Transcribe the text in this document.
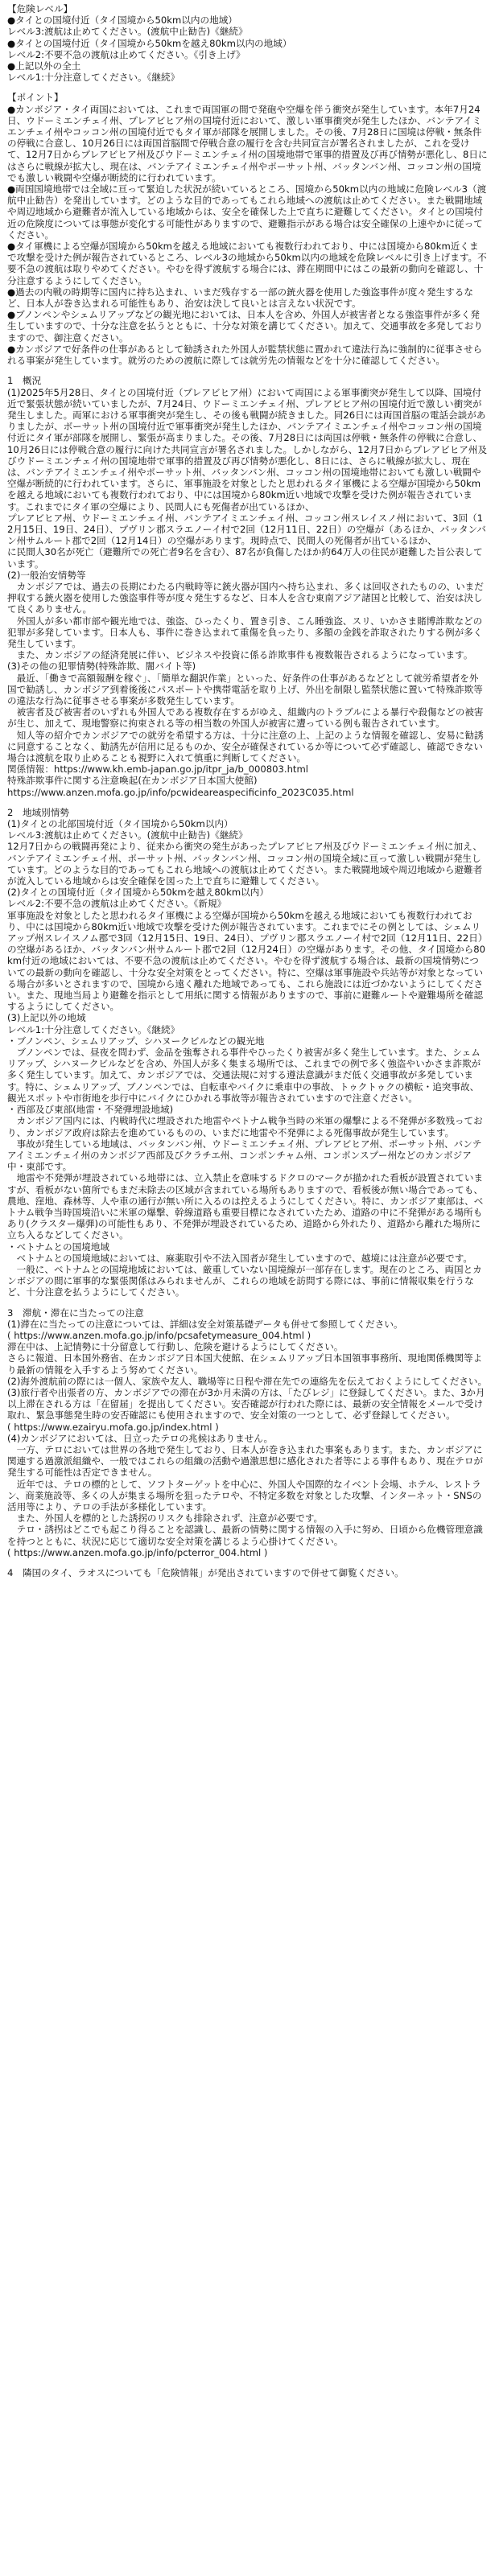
【危険レベル】

●タイとの国境付近（タイ国境から50km以内の地域）

レベル3:渡航は止めてください。(渡航中止勧告)《継続》

●タイとの国境付近（タイ国境から50kmを越え80km以内の地域）

レベル2:不要不急の渡航は止めてください。《引き上げ》

●上記以外の全土

レベル1:十分注意してください。《継続》

【ポイント】

●カンボジア・タイ両国においては、これまで両国軍の間で発砲や空爆を伴う衝突が発生しています。本年7月24日、ウドーミエンチェイ州、プレアビヒア州の国境付近において、激しい軍事衝突が発生したほか、バンテアイミエンチェイ州やコッコン州の国境付近でもタイ軍が部隊を展開しました。その後、7月28日に国境は停戦・無条件の停戦に合意し、10月26日には両国首脳間で停戦合意の履行を含む共同宣言が署名されましたが、これを受けて、12月7日からプレアビヒア州及びウドーミエンチェイ州の国境地帯で軍事的措置及び再び情勢が悪化し、8日にはさらに戦線が拡大し、現在は、バンテアイミエンチェイ州やポーサット州、バッタンバン州、コッコン州の国境でも激しい戦闘や空爆が断続的に行われています。

●両国国境地帯では全域に亘って緊迫した状況が続いているところ、国境から50km以内の地域に危険レベル3（渡航中止勧告）を発出しています。どのような目的であってもこれら地域への渡航は止めてください。また戦闘地域や周辺地域から避難者が流入している地域からは、安全を確保した上で直ちに避難してください。タイとの国境付近の危険度については事態が変化する可能性がありますので、避難指示がある場合は安全確保の上速やかに従ってください。

●タイ軍機による空爆が国境から50kmを越える地域においても複数行われており、中には国境から80km近くまで攻撃を受けた例が報告されているところ、レベル3の地域から50km以内の地域を危険レベルに引き上げます。不要不急の渡航は取りやめてください。やむを得ず渡航する場合には、滞在期間中にはこの最新の動向を確認し、十分注意するようにしてください。

●過去の内戦の時期等に国内に持ち込まれ、いまだ残存する一部の銃火器を使用した強盗事件が度々発生するなど、日本人が巻き込まれる可能性もあり、治安は決して良いとは言えない状況です。

●ブノンペンやシェムリアップなどの観光地においては、日本人を含め、外国人が被害者となる強盗事件が多く発生していますので、十分な注意を払うとともに、十分な対策を講じてください。加えて、交通事故を多発しておりますので、御注意ください。

●カンボジアで好条件の仕事があるとして勧誘された外国人が監禁状態に置かれて違法行為に強制的に従事させられる事案が発生しています。就労のための渡航に際しては就労先の情報などを十分に確認してください。

1　概況

(1)2025年5月28日、タイとの国境付近（プレアビヒア州）において両国による軍事衝突が発生して以降、国境付近で緊張状態が続いていましたが、7月24日、ウドーミエンチェイ州、プレアビヒア州の国境付近で激しい衝突が発生しました。両軍における軍事衝突が発生し、その後も戦闘が続きました。同26日には両国首脳の電話会談がありましたが、ボーサット州の国境付近で軍事衝突が発生したほか、バンテアイミエンチェイ州やコッコン州の国境付近にタイ軍が部隊を展開し、緊張が高まりました。その後、7月28日には両国は停戦・無条件の停戦に合意し、10月26日には停戦合意の履行に向けた共同宣言が署名されました。しかしながら、12月7日からプレアビヒア州及びウドーミエンチェイ州の国境地帯で軍事的措置及び再び情勢が悪化し、8日には、さらに戦線が拡大し、現在は、バンテアイミエンチェイ州やポーサット州、バッタンバン州、コッコン州の国境地帯においても激しい戦闘や空爆が断続的に行われています。さらに、軍事施設を対象としたと思われるタイ軍機による空爆が国境から50kmを越える地域においても複数行われており、中には国境から80km近い地域で攻撃を受けた例が報告されています。これまでにタイ軍の空爆により、民間人にも死傷者が出ているほか、

プレアビヒア州、ウドーミエンチェイ州、バンテアイミエンチェイ州、コッコン州スレイスノ州において、3回（12月15日、19日、24日）、プヴリン郡スラエノーイ村で2回（12月11日、22日）の空爆が（あるほか、バッタンバン州サムルート郡で2回（12月14日）の空爆があります。現時点で、民間人の死傷者が出ているほか、

に民間人30名が死亡（避難所での死亡者9名を含む）、87名が負傷したほか約64万人の住民が避難した旨公表しています。

(2)一般治安情勢等

　カンボジアでは、過去の長期にわたる内戦時等に銃火器が国内へ持ち込まれ、多くは回収されたものの、いまだ押収する銃火器を使用した強盗事件等が度々発生するなど、日本人を含む東南アジア諸国と比較して、治安は決して良くありません。

　外国人が多い都市部や観光地では、強盗、ひったくり、置き引き、こん睡強盗、スリ、いかさま賭博詐欺などの犯罪が多発しています。日本人も、事件に巻き込まれて重傷を負ったり、多額の金銭を詐取されたりする例が多く発生しています。

　また、カンボジアの経済発展に伴い、ビジネスや投資に係る詐欺事件も複数報告されるようになっています。

(3)その他の犯罪情勢(特殊詐欺、闇バイト等)

　最近、「働きで高額報酬を稼ぐ」、「簡単な翻訳作業」といった、好条件の仕事があるなどとして就労希望者を外国で勧誘し、カンボジア到着後後にパスポートや携帯電話を取り上げ、外出を制限し監禁状態に置いて特殊詐欺等の違法な行為に従事させる事案が多数発生しています。

　被害者及び被害者のいずれも外国人である複数存在するがゆえ、組織内のトラブルによる暴行や殺傷などの被害が生じ、加えて、現地警察に拘束される等の相当数の外国人が被害に遭っている例も報告されています。

　知人等の紹介でカンボジアでの就労を希望する方は、十分に注意の上、上記のような情報を確認し、安易に勧誘に同意することなく、勧誘先が信用に足るものか、安全が確保されているか等について必ず確認し、確認できない場合は渡航を取り止めることも視野に入れて慎重に判断してください。

関係情報：https://www.kh.emb-japan.go.jp/itpr_ja/b_000803.html

特殊詐欺事件に関する注意喚起(在カンボジア日本国大使館)

https://www.anzen.mofa.go.jp/info/pcwideareaspecificinfo_2023C035.html

2　地域別情勢

(1)タイとの北部国境付近（タイ国境から50km以内）

レベル3:渡航は止めてください。(渡航中止勧告)《継続》

12月7日からの戦闘再発により、従来から衝突の発生があったプレアビヒア州及びウドーミエンチェイ州に加え、バンテアイミエンチェイ州、ポーサット州、バッタンバン州、コッコン州の国境全域に亘って激しい戦闘が発生しています。どのような目的であってもこれら地域への渡航は止めてください。また戦闘地域や周辺地域から避難者が流入している地域からは安全確保を図った上で直ちに避難してください。

(2)タイとの国境付近（タイ国境から50kmを越え80km以内）

レベル2:不要不急の渡航は止めてください。《新規》

軍事施設を対象としたと思われるタイ軍機による空爆が国境から50kmを越える地域においても複数行われており、中には国境から80km近い地域で攻撃を受けた例が報告されています。これまでにその例としては、シェムリアップ州スレイスノム郡で3回（12月15日、19日、24日）、プヴリン郡スラエノーイ村で2回（12月11日、22日）の空爆があるほか、バッタンバン州サムルート郡で2回（12月24日）の空爆があります。その他、タイ国境から80km付近の地域においては、不要不急の渡航は止めてください。やむを得ず渡航する場合は、最新の国境情勢についての最新の動向を確認し、十分な安全対策をとってください。特に、空爆は軍事施設や兵站等が対象となっている場合が多いとされますので、国境から遠く離れた地域であっても、これら施設には近づかないようにしてください。また、現地当局より避難を指示として用紙に関する情報がありますので、事前に避難ルートや避難場所を確認するようにしてください。

(3)上記以外の地域

レベル1:十分注意してください。《継続》

・ブノンペン、シェムリアップ、シハヌークビルなどの観光地

　ブノンペンでは、昼夜を問わず、金品を強奪される事件やひったくり被害が多く発生しています。また、シェムリアップ、シハヌークビルなどを含め、外国人が多く集まる場所では、これまでの例で多く強盗やいかさま詐欺が多く発生しています。加えて、カンボジアでは、交通法規に対する遵法意識がまだ低く交通事故が多発しています。特に、シェムリアップ、ブノンペンでは、自転車やバイクに乗車中の事故、トゥクトゥクの横転・追突事故、観光スポットや市街地を歩行中にバイクにひかれる事故等が報告されていますので注意ください。

・西部及び東部(地雷・不発弾埋設地域)

　カンボジア国内には、内戦時代に埋設された地雷やベトナム戦争当時の米軍の爆撃による不発弾が多数残っており、カンボジア政府は除去を進めているものの、いまだに地雷や不発弾による死傷事故が発生しています。

　事故が発生している地域は、バッタンバン州、ウドーミエンチェイ州、プレアビヒア州、ポーサット州、バンテアイミエンチェイ州のカンボジア西部及びクラチエ州、コンポンチャム州、コンポンスプー州などのカンボジア中・東部です。

　地雷や不発弾が埋設されている地帯には、立入禁止を意味するドクロのマークが描かれた看板が設置されていますが、看板がない箇所でもまだ未除去の区域が含まれている場所もありますので、看板後が無い場合であっても、農地、窪地、森林等、人や車の通行が無い所に入るのは控えるようにしてください。特に、カンボジア東部は、ベトナム戦争当時国境沿いに米軍の爆撃、幹線道路も重要目標になされていたため、道路の中に不発弾がある場所もあり(クラスター爆弾)の可能性もあり、不発弾が埋設されているため、道路から外れたり、道路から離れた場所に立ち入るなどしてください。

・ベトナムとの国境地域

　ベトナムとの国境地域においては、麻薬取引や不法入国者が発生していますので、越境には注意が必要です。

　一般に、ベトナムとの国境地域においては、厳重していない国境線が一部存在します。現在のところ、両国とカンボジアの間に軍事的な緊張関係はみられませんが、これらの地域を訪問する際には、事前に情報収集を行うなど、十分注意を払うようにしてください。

3　滞航・滞在に当たっての注意

(1)滞在に当たっての注意については、詳細は安全対策基礎データも併せて参照してください。

( https://www.anzen.mofa.go.jp/info/pcsafetymeasure_004.html )

滞在中は、上記情勢に十分留意して行動し、危険を避けるようにしてください。

さらに報道、日本国外務省、在カンボジア日本国大使館、在シェムリアップ日本国領事事務所、現地関係機関等より最新の情報を入手するよう努めてください。

(2)海外渡航前の際には一個人、家族や友人、職場等に日程や滞在先での連絡先を伝えておくようにしてください。

(3)旅行者や出張者の方、カンボジアでの滞在が3か月未満の方は、「たびレジ」に登録してください。また、3か月以上滞在される方は「在留届」を提出してください。安否確認が行われた際には、最新の安全情報をメールで受け取れ、緊急事態発生時の安否確認にも使用されますので、安全対策の一つとして、必ず登録してください。

( https://www.ezairyu.mofa.go.jp/index.html )

(4)カンボジアにおいては、日立ったテロの兆候はありません。

　一方、テロにおいては世界の各地で発生しており、日本人が巻き込まれた事案もあります。また、カンボジアに関連する過激派組織や、一般ではこれらの組織の活動や過激思想に感化された者等による事件もあり、現在テロが発生する可能性は否定できません。

　近年では、テロの標的として、ソフトターゲットを中心に、外国人や国際的なイベント会場、ホテル、レストラン、商業施設等、多くの人が集まる場所を狙ったテロや、不特定多数を対象とした攻撃、インターネット・SNSの活用等により、テロの手法が多様化しています。

　また、外国人を標的とした誘拐のリスクも排除されず、注意が必要です。

　テロ・誘拐はどこでも起こり得ることを認識し、最新の情勢に関する情報の入手に努め、日頃から危機管理意識を持つとともに、状況に応じて適切な安全対策を講じるよう心掛けてください。

( https://www.anzen.mofa.go.jp/info/pcterror_004.html )

4　隣国のタイ、ラオスについても「危険情報」が発出されていますので併せて御覧ください。
